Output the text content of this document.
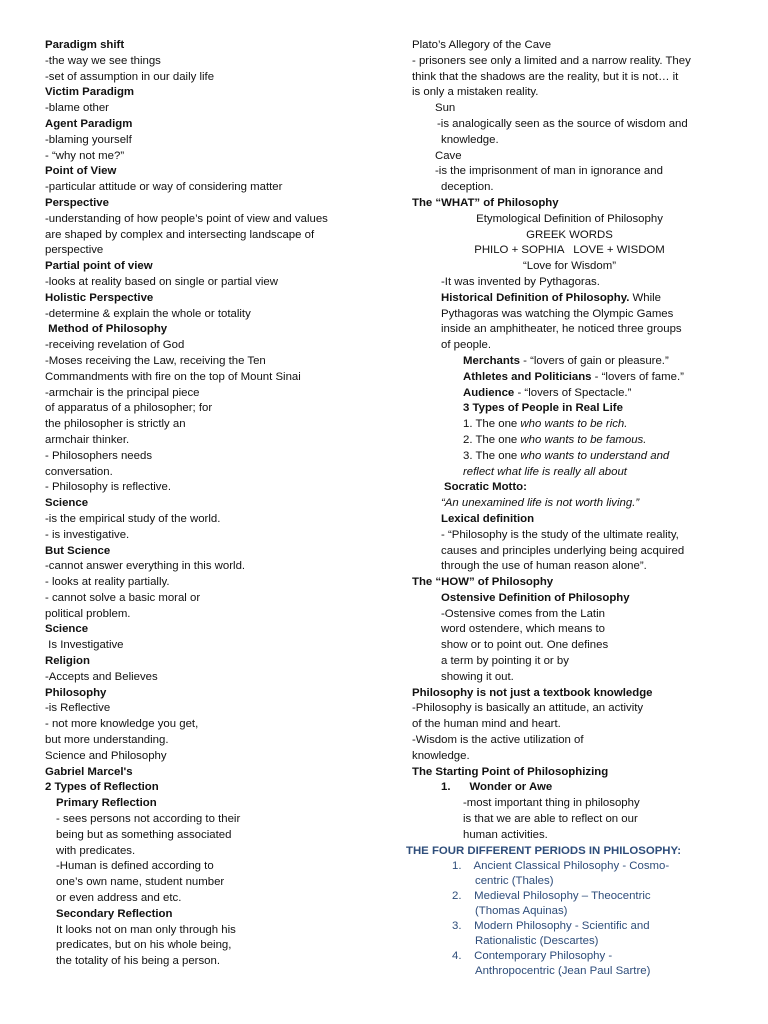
Paradigm shift
-the way we see things
-set of assumption in our daily life
Victim Paradigm
-blame other
Agent Paradigm
-blaming yourself
- “why not me?”
Point of View
-particular attitude or way of considering matter
Perspective
-understanding of how people’s point of view and values
are shaped by complex and intersecting landscape of
perspective
Partial point of view
-looks at reality based on single or partial view
Holistic Perspective
-determine & explain the whole or totality
Method of Philosophy
-receiving revelation of God
-Moses receiving the Law, receiving the Ten
Commandments with fire on the top of Mount Sinai
-armchair is the principal piece
of apparatus of a philosopher; for
the philosopher is strictly an
armchair thinker.
- Philosophers needs
conversation.
- Philosophy is reflective.
Science
-is the empirical study of the world.
- is investigative.
But Science
-cannot answer everything in this world.
- looks at reality partially.
- cannot solve a basic moral or
political problem.
Science
Is Investigative
Religion
-Accepts and Believes
Philosophy
-is Reflective
- not more knowledge you get,
but more understanding.
Science and Philosophy
Gabriel Marcel's
2 Types of Reflection
Primary Reflection
- sees persons not according to their
being but as something associated
with predicates.
-Human is defined according to
one’s own name, student number
or even address and etc.
Secondary Reflection
It looks not on man only through his
predicates, but on his whole being,
the totality of his being a person.
Plato’s Allegory of the Cave
- prisoners see only a limited and a narrow reality. They
think that the shadows are the reality, but it is not… it
is only a mistaken reality.
Sun
-is analogically seen as the source of wisdom and
knowledge.
Cave
-is the imprisonment of man in ignorance and
deception.
The “WHAT” of Philosophy
Etymological Definition of Philosophy
GREEK WORDS
PHILO + SOPHIA   LOVE + WISDOM
“Love for Wisdom”
-It was invented by Pythagoras.
Historical Definition of Philosophy. While
Pythagoras was watching the Olympic Games
inside an amphitheater, he noticed three groups
of people.
Merchants - “lovers of gain or pleasure.”
Athletes and Politicians - “lovers of fame.”
Audience - “lovers of Spectacle.”
3 Types of People in Real Life
1. The one who wants to be rich.
2. The one who wants to be famous.
3. The one who wants to understand and
reflect what life is really all about
Socratic Motto:
“An unexamined life is not worth living.”
Lexical definition
- “Philosophy is the study of the ultimate reality,
causes and principles underlying being acquired
through the use of human reason alone”.
The “HOW” of Philosophy
Ostensive Definition of Philosophy
-Ostensive comes from the Latin
word ostendere, which means to
show or to point out. One defines
a term by pointing it or by
showing it out.
Philosophy is not just a textbook knowledge
-Philosophy is basically an attitude, an activity
of the human mind and heart.
-Wisdom is the active utilization of
knowledge.
The Starting Point of Philosophizing
1.      Wonder or Awe
-most important thing in philosophy
is that we are able to reflect on our
human activities.
THE FOUR DIFFERENT PERIODS IN PHILOSOPHY:
1.    Ancient Classical Philosophy - Cosmo-
centric (Thales)
2.    Medieval Philosophy – Theocentric
(Thomas Aquinas)
3.    Modern Philosophy - Scientific and
Rationalistic (Descartes)
4.    Contemporary Philosophy -
Anthropocentric (Jean Paul Sartre)
